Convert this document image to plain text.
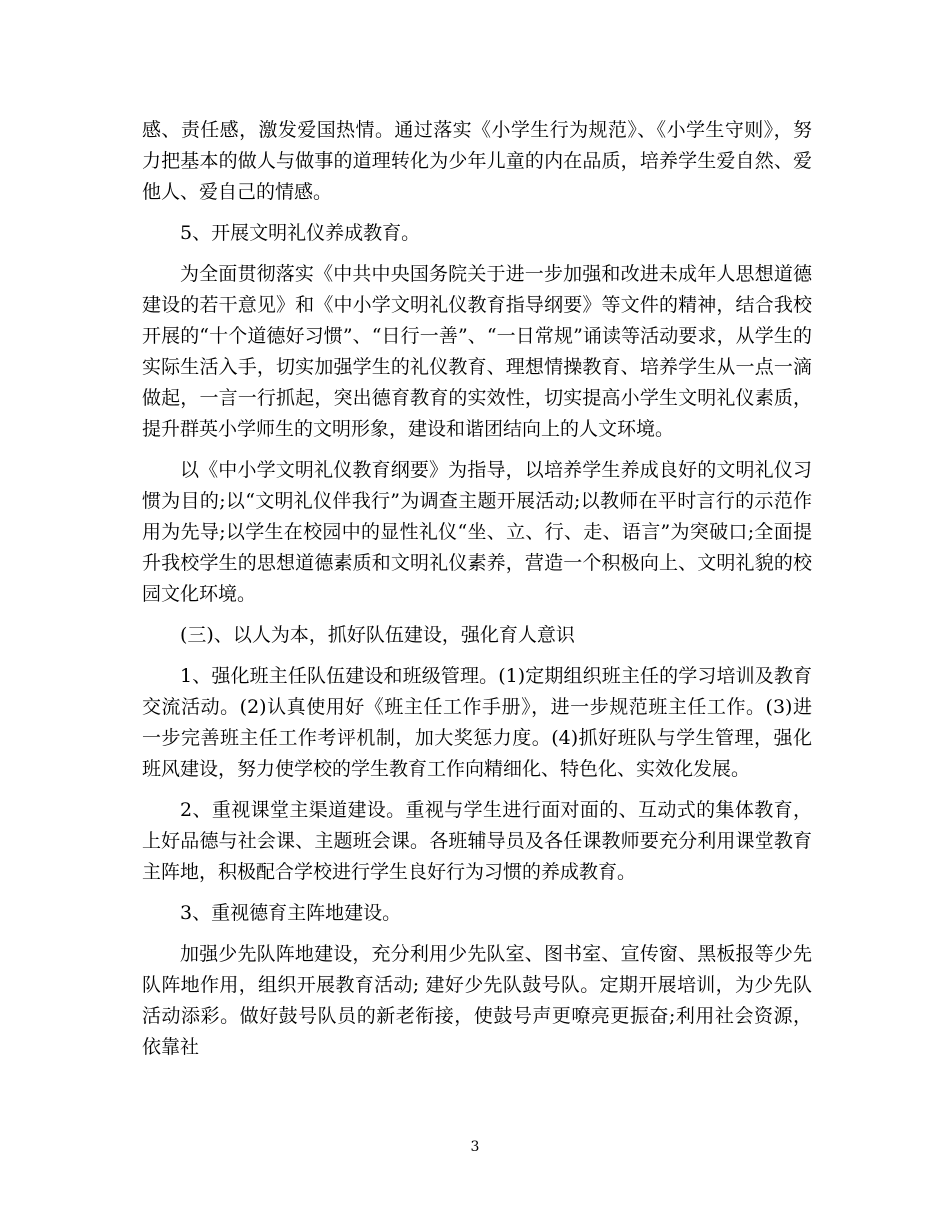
感、责任感，激发爱国热情。通过落实《小学生行为规范》、《小学生守则》，努力把基本的做人与做事的道理转化为少年儿童的内在品质，培养学生爱自然、爱他人、爱自己的情感。

5、开展文明礼仪养成教育。

为全面贯彻落实《中共中央国务院关于进一步加强和改进未成年人思想道德建设的若干意见》和《中小学文明礼仪教育指导纲要》等文件的精神，结合我校开展的“十个道德好习惯”、“日行一善”、“一日常规”诵读等活动要求，从学生的实际生活入手，切实加强学生的礼仪教育、理想情操教育、培养学生从一点一滴做起，一言一行抓起，突出德育教育的实效性，切实提高小学生文明礼仪素质，提升群英小学师生的文明形象，建设和谐团结向上的人文环境。

以《中小学文明礼仪教育纲要》为指导，以培养学生养成良好的文明礼仪习惯为目的;以“文明礼仪伴我行”为调查主题开展活动;以教师在平时言行的示范作用为先导;以学生在校园中的显性礼仪“坐、立、行、走、语言”为突破口;全面提升我校学生的思想道德素质和文明礼仪素养，营造一个积极向上、文明礼貌的校园文化环境。

(三)、以人为本，抓好队伍建设，强化育人意识

1、强化班主任队伍建设和班级管理。(1)定期组织班主任的学习培训及教育交流活动。(2)认真使用好《班主任工作手册》，进一步规范班主任工作。(3)进一步完善班主任工作考评机制，加大奖惩力度。(4)抓好班队与学生管理，强化班风建设，努力使学校的学生教育工作向精细化、特色化、实效化发展。

2、重视课堂主渠道建设。重视与学生进行面对面的、互动式的集体教育，上好品德与社会课、主题班会课。各班辅导员及各任课教师要充分利用课堂教育主阵地，积极配合学校进行学生良好行为习惯的养成教育。

3、重视德育主阵地建设。

加强少先队阵地建设，充分利用少先队室、图书室、宣传窗、黑板报等少先队阵地作用，组织开展教育活动; 建好少先队鼓号队。定期开展培训，为少先队活动添彩。做好鼓号队员的新老衔接，使鼓号声更嘹亮更振奋;利用社会资源，依靠社

3
